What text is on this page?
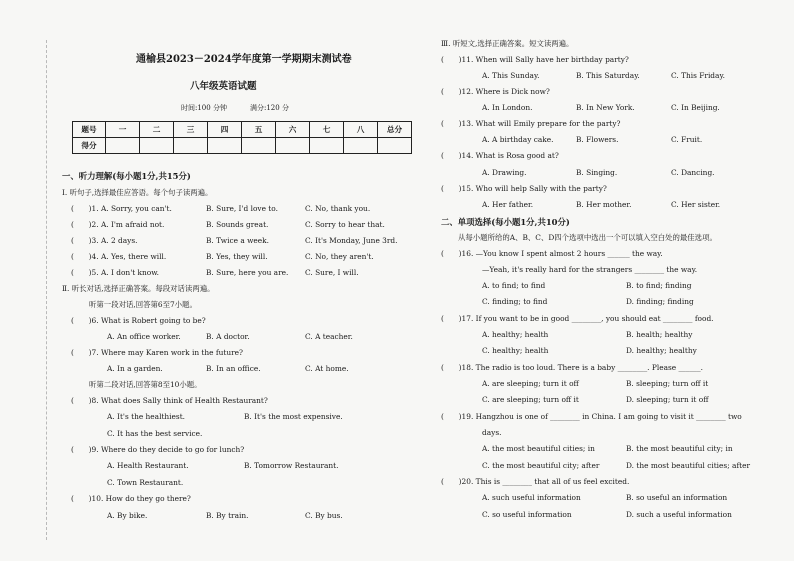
通榆县2023－2024学年度第一学期期末测试卷
八年级英语试题
时间:100 分钟	满分:120 分
题号	一	二	三	四	五	六	七	八	总分
得分									
一、听力理解(每小题1分,共15分)
Ⅰ. 听句子,选择最佳应答语。每个句子读两遍。
(　　)1. A. Sorry, you can't.	B. Sure, I'd love to.	C. No, thank you.
(　　)2. A. I'm afraid not.	B. Sounds great.	C. Sorry to hear that.
(　　)3. A. 2 days.	B. Twice a week.	C. It's Monday, June 3rd.
(　　)4. A. Yes, there will.	B. Yes, they will.	C. No, they aren't.
(　　)5. A. I don't know.	B. Sure, here you are. C. Sure, I will.
Ⅱ. 听长对话,选择正确答案。每段对话读两遍。
听第一段对话,回答第6至7小题。
(　　)6. What is Robert going to be?
A. An office worker.	B. A doctor.	C. A teacher.
(　　)7. Where may Karen work in the future?
A. In a garden.	B. In an office.	C. At home.
听第二段对话,回答第8至10小题。
(　　)8. What does Sally think of Health Restaurant?
A. It's the healthiest.	B. It's the most expensive.
C. It has the best service.
(　　)9. Where do they decide to go for lunch?
A. Health Restaurant.	B. Tomorrow Restaurant.
C. Town Restaurant.
(　　)10. How do they go there?
A. By bike.	B. By train.	C. By bus.
Ⅲ. 听短文,选择正确答案。短文读两遍。
(　　)11. When will Sally have her birthday party?
A. This Sunday.	B. This Saturday.	C. This Friday.
(　　)12. Where is Dick now?
A. In London.	B. In New York.	C. In Beijing.
(　　)13. What will Emily prepare for the party?
A. A birthday cake.	B. Flowers.	C. Fruit.
(　　)14. What is Rosa good at?
A. Drawing.	B. Singing.	C. Dancing.
(　　)15. Who will help Sally with the party?
A. Her father.	B. Her mother.	C. Her sister.
二、单项选择(每小题1分,共10分)
从每小题所给的A、B、C、D四个选项中选出一个可以填入空白处的最佳选项。
(　　)16. —You know I spent almost 2 hours ______ the way.
—Yeah, it's really hard for the strangers ________ the way.
A. to find; to find	B. to find; finding
C. finding; to find	D. finding; finding
(　　)17. If you want to be in good ________, you should eat ________ food.
A. healthy; health	B. health; healthy
C. healthy; health	D. healthy; healthy
(　　)18. The radio is too loud. There is a baby ________. Please ______.
A. are sleeping; turn it off	B. sleeping; turn off it
C. are sleeping; turn off it	D. sleeping; turn it off
(　　)19. Hangzhou is one of ________ in China. I am going to visit it ________ two
days.
A. the most beautiful cities; in	B. the most beautiful city; in
C. the most beautiful city; after	D. the most beautiful cities; after
(　　)20. This is ________ that all of us feel excited.
A. such useful information	B. so useful an information
C. so useful information	D. such a useful information
